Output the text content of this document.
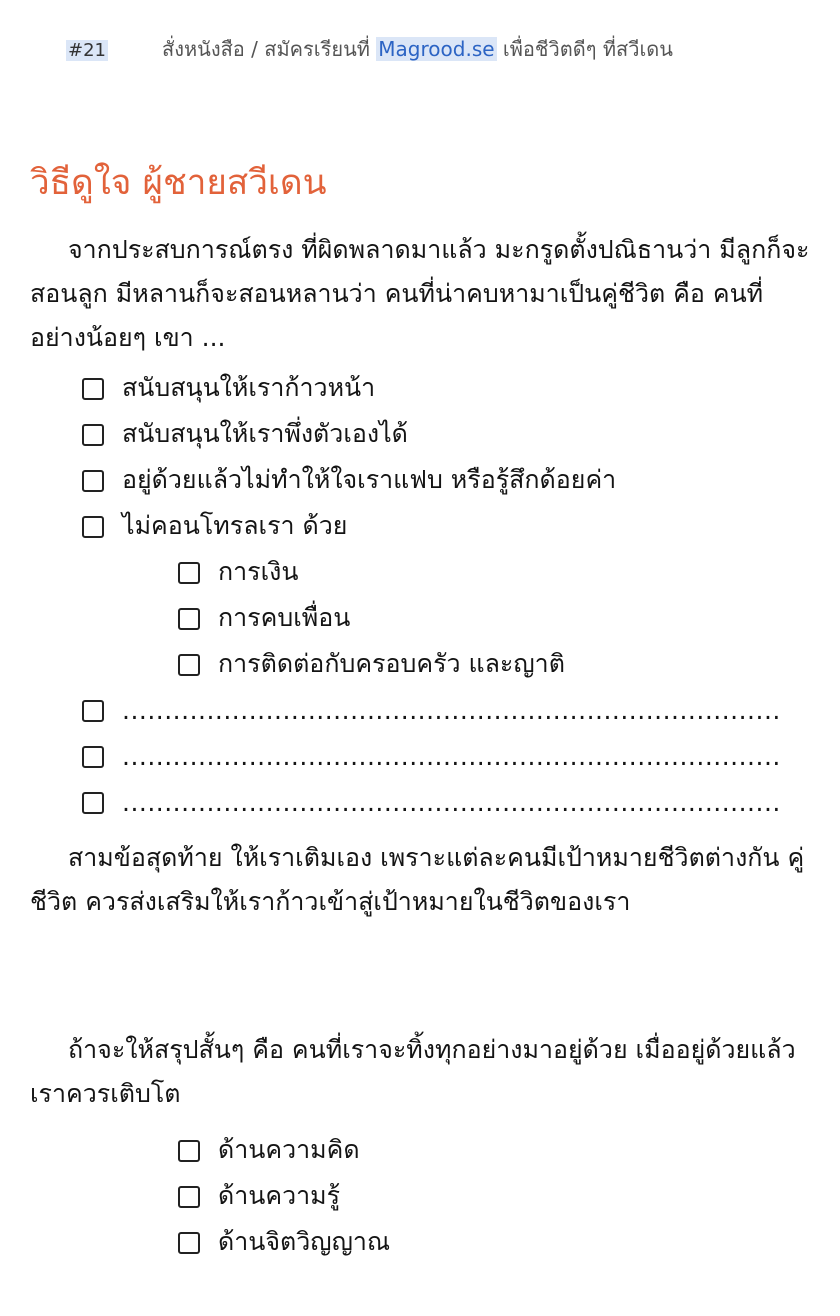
#21	สั่งหนังสือ / สมัครเรียนที่ Magrood.se เพื่อชีวิตดีๆ ที่สวีเดน
วิธีดูใจ ผู้ชายสวีเดน

จากประสบการณ์ตรง ที่ผิดพลาดมาแล้ว มะกรูดตั้งปณิธานว่า มีลูกก็จะสอนลูก มีหลานก็จะสอนหลานว่า คนที่น่าคบหามาเป็นคู่ชีวิต คือ คนที่อย่างน้อยๆ เขา ...

สนับสนุนให้เราก้าวหน้า
สนับสนุนให้เราพึ่งตัวเองได้
อยู่ด้วยแล้วไม่ทำให้ใจเราแฟบ หรือรู้สึกด้อยค่า
ไม่คอนโทรลเรา ด้วย
การเงิน
การคบเพื่อน
การติดต่อกับครอบครัว และญาติ
..............................................................................
..............................................................................
..............................................................................

สามข้อสุดท้าย ให้เราเติมเอง เพราะแต่ละคนมีเป้าหมายชีวิตต่างกัน คู่ชีวิต ควรส่งเสริมให้เราก้าวเข้าสู่เป้าหมายในชีวิตของเรา

ถ้าจะให้สรุปสั้นๆ คือ คนที่เราจะทิ้งทุกอย่างมาอยู่ด้วย เมื่ออยู่ด้วยแล้วเราควรเติบโต

ด้านความคิด
ด้านความรู้
ด้านจิตวิญญาณ
